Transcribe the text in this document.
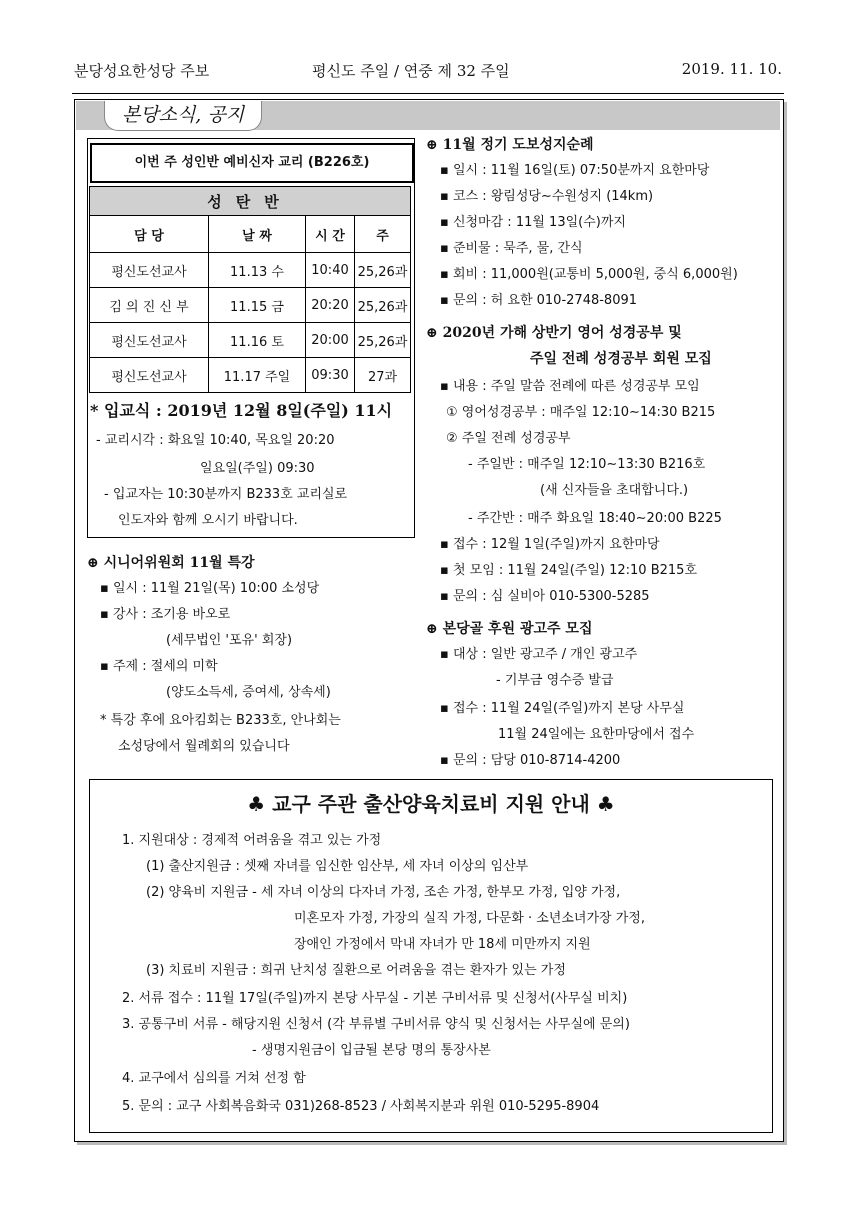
분당성요한성당 주보	평신도 주일 / 연중 제 32 주일	2019. 11. 10.
본당소식, 공지
이번 주 성인반 예비신자 교리 (B226호)
성탄반			
담 당	날 짜	시 간	주
평신도선교사	11.13 수	10:40	25,26과
김 의 진 신 부	11.15 금	20:20	25,26과
평신도선교사	11.16 토	20:00	25,26과
평신도선교사	11.17 주일	09:30	27과
* 입교식 : 2019년 12월 8일(주일) 11시
- 교리시각 : 화요일 10:40, 목요일 20:20
일요일(주일) 09:30
- 입교자는 10:30분까지 B233호 교리실로
인도자와 함께 오시기 바랍니다.
⊕ 시니어위원회 11월 특강
▪ 일시 : 11월 21일(목) 10:00 소성당
▪ 강사 : 조기용 바오로
(세무법인 '포유' 회장)
▪ 주제 : 절세의 미학
(양도소득세, 증여세, 상속세)
* 특강 후에 요아킴회는 B233호, 안나회는
소성당에서 월례회의 있습니다
⊕ 11월 정기 도보성지순례
▪ 일시 : 11월 16일(토) 07:50분까지 요한마당
▪ 코스 : 왕림성당∼수원성지 (14km)
▪ 신청마감 : 11월 13일(수)까지
▪ 준비물 : 묵주, 물, 간식
▪ 회비 : 11,000원(교통비 5,000원, 중식 6,000원)
▪ 문의 : 허 요한 010-2748-8091
⊕ 2020년 가해 상반기 영어 성경공부 및
주일 전례 성경공부 회원 모집
▪ 내용 : 주일 말씀 전례에 따른 성경공부 모임
① 영어성경공부 : 매주일 12:10∼14:30 B215
② 주일 전례 성경공부
- 주일반 : 매주일 12:10∼13:30 B216호
(새 신자들을 초대합니다.)
- 주간반 : 매주 화요일 18:40∼20:00 B225
▪ 접수 : 12월 1일(주일)까지 요한마당
▪ 첫 모임 : 11월 24일(주일) 12:10 B215호
▪ 문의 : 심 실비아 010-5300-5285
⊕ 본당골 후원 광고주 모집
▪ 대상 : 일반 광고주 / 개인 광고주
- 기부금 영수증 발급
▪ 접수 : 11월 24일(주일)까지 본당 사무실
11월 24일에는 요한마당에서 접수
▪ 문의 : 담당 010-8714-4200
♣ 교구 주관 출산양육치료비 지원 안내 ♣
1. 지원대상 : 경제적 어려움을 겪고 있는 가정
(1) 출산지원금 : 셋째 자녀를 임신한 임산부, 세 자녀 이상의 임산부
(2) 양육비 지원금 - 세 자녀 이상의 다자녀 가정, 조손 가정, 한부모 가정, 입양 가정,
미혼모자 가정, 가장의 실직 가정, 다문화 · 소년소녀가장 가정,
장애인 가정에서 막내 자녀가 만 18세 미만까지 지원
(3) 치료비 지원금 : 희귀 난치성 질환으로 어려움을 겪는 환자가 있는 가정
2. 서류 접수 : 11월 17일(주일)까지 본당 사무실 - 기본 구비서류 및 신청서(사무실 비치)
3. 공통구비 서류 - 해당지원 신청서 (각 부류별 구비서류 양식 및 신청서는 사무실에 문의)
- 생명지원금이 입금될 본당 명의 통장사본
4. 교구에서 심의를 거쳐 선정 함
5. 문의 : 교구 사회복음화국 031)268-8523 / 사회복지분과 위원 010-5295-8904
